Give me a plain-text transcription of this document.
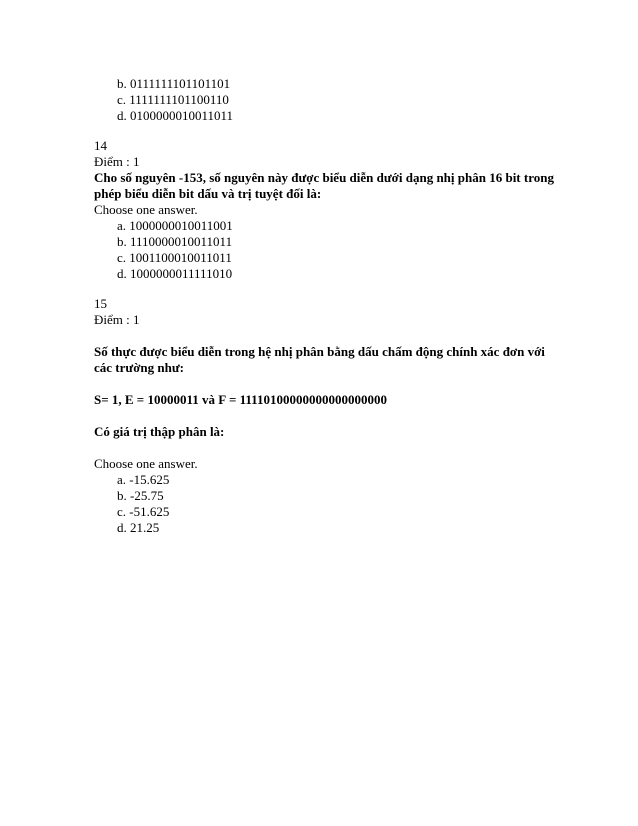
b. 0111111101101101
c. 1111111101100110
d. 0100000010011011
14
Điểm : 1
Cho số nguyên -153, số nguyên này được biểu diễn dưới dạng nhị phân 16 bit trong phép biểu diễn bit dấu và trị tuyệt đối là:
Choose one answer.
a. 1000000010011001
b. 1110000010011011
c. 1001100010011011
d. 1000000011111010
15
Điểm : 1
Số thực được biểu diễn trong hệ nhị phân bằng dấu chấm động chính xác đơn với các trường như:
S= 1, E = 10000011 và F = 11110100000000000000000
Có giá trị thập phân là:
Choose one answer.
a. -15.625
b. -25.75
c. -51.625
d. 21.25
